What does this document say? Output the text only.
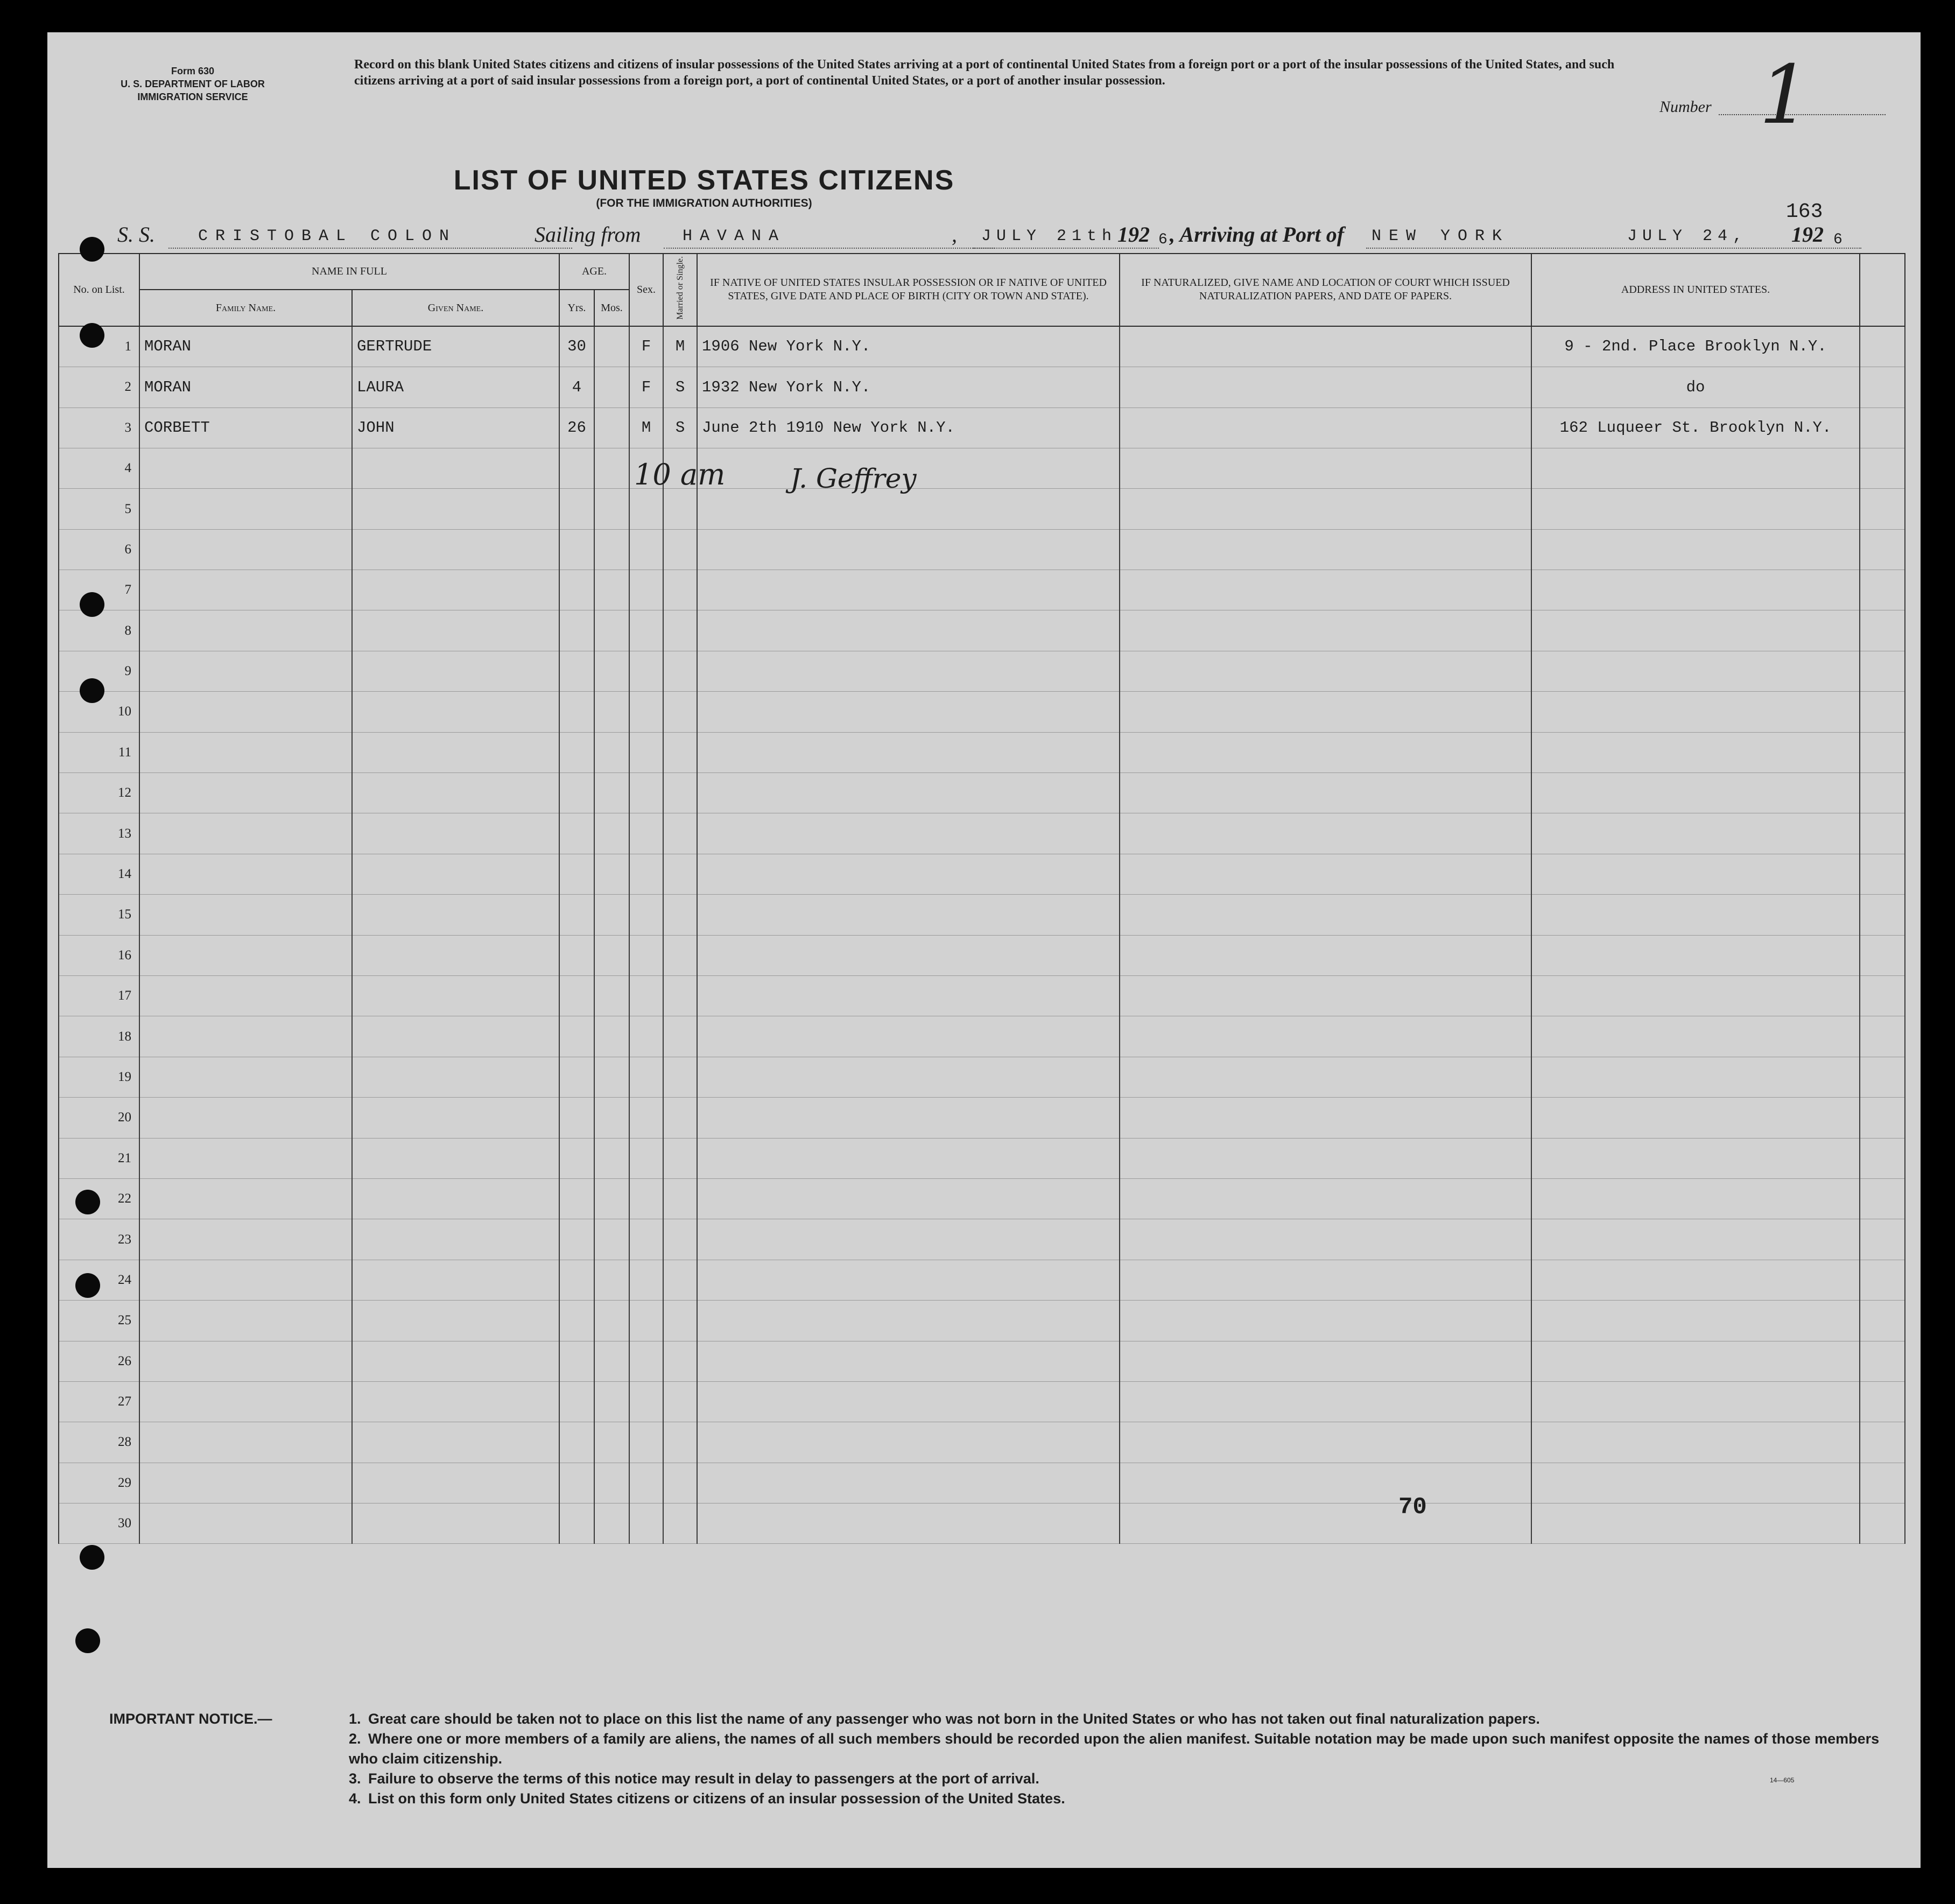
Form 630
U. S. DEPARTMENT OF LABOR
IMMIGRATION SERVICE
Record on this blank United States citizens and citizens of insular possessions of the United States arriving at a port of continental United States from a foreign port or a port of the insular possessions of the United States, and such citizens arriving at a port of said insular possessions from a foreign port, a port of continental United States, or a port of another insular possession.
Number 1
LIST OF UNITED STATES CITIZENS
(FOR THE IMMIGRATION AUTHORITIES)	163
S. S.	CRISTOBAL COLON	Sailing from	HAVANA	, JULY 21th 192 6 , Arriving at Port of NEW YORK	JULY 24, 192 6
No. on List.	NAME IN FULL		AGE.		Sex.	Married or Single.	IF NATIVE OF UNITED STATES INSULAR POSSESSION OR IF NATIVE OF UNITED STATES, GIVE DATE AND PLACE OF BIRTH (CITY OR TOWN AND STATE).	IF NATURALIZED, GIVE NAME AND LOCATION OF COURT WHICH ISSUED NATURALIZATION PAPERS, AND DATE OF PAPERS.	ADDRESS IN UNITED STATES.	
	Family Name.	Given Name.	Yrs.	Mos.						
1	MORAN	GERTRUDE	30		F	M	1906 New York N.Y.		9 - 2nd. Place Brooklyn N.Y.	
2	MORAN	LAURA	4		F	S	1932 New York N.Y.		do	
3	CORBETT	JOHN	26		M	S	June 2th 1910 New York N.Y.		162 Luqueer St. Brooklyn N.Y.	
4										
5										
6										
7										
8										
9										
10										
11										
12										
13										
14										
15										
16										
17										
18										
19										
20										
21										
22										
23										
24										
25										
26										
27										
28										
29										
30										
10 am J. Geffrey
70
IMPORTANT NOTICE.—	1. Great care should be taken not to place on this list the name of any passenger who was not born in the United States or who has not taken out final naturalization papers.
2. Where one or more members of a family are aliens, the names of all such members should be recorded upon the alien manifest. Suitable notation may be made upon such manifest opposite the names of those members who claim citizenship.
3. Failure to observe the terms of this notice may result in delay to passengers at the port of arrival.
4. List on this form only United States citizens or citizens of an insular possession of the United States.
14—605
